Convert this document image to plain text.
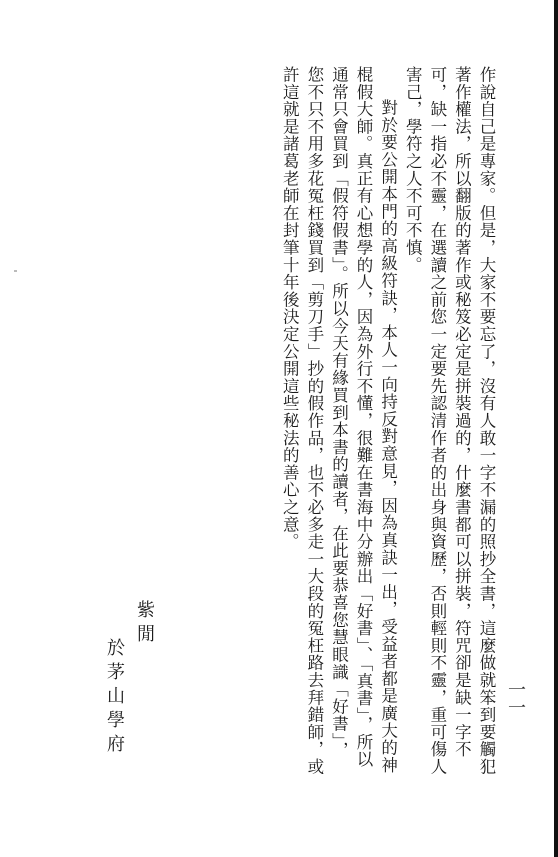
一一

作說自己是專家。但是，大家不要忘了，沒有人敢一字不漏的照抄全書，這麼做就笨到要觸犯著作權法，所以翻版的著作或秘笈必定是拼裝過的，什麼書都可以拼裝，符咒卻是缺一字不可，缺一指必不靈，在選讀之前您一定要先認清作者的出身與資歷，否則輕則不靈，重可傷人害己，學符之人不可不慎。

對於要公開本門的高級符訣，本人一向持反對意見，因為真訣一出，受益者都是廣大的神棍假大師。真正有心想學的人，因為外行不懂，很難在書海中分辦出「好書」、「真書」，所以通常只會買到「假符假書」。所以今天有緣買到本書的讀者，在此要恭喜您慧眼識「好書」，您不只不用多花冤枉錢買到「剪刀手」抄的假作品，也不必多走一大段的冤枉路去拜錯師，或許這就是諸葛老師在封筆十年後決定公開這些秘法的善心之意。

紫閒
於茅山學府
